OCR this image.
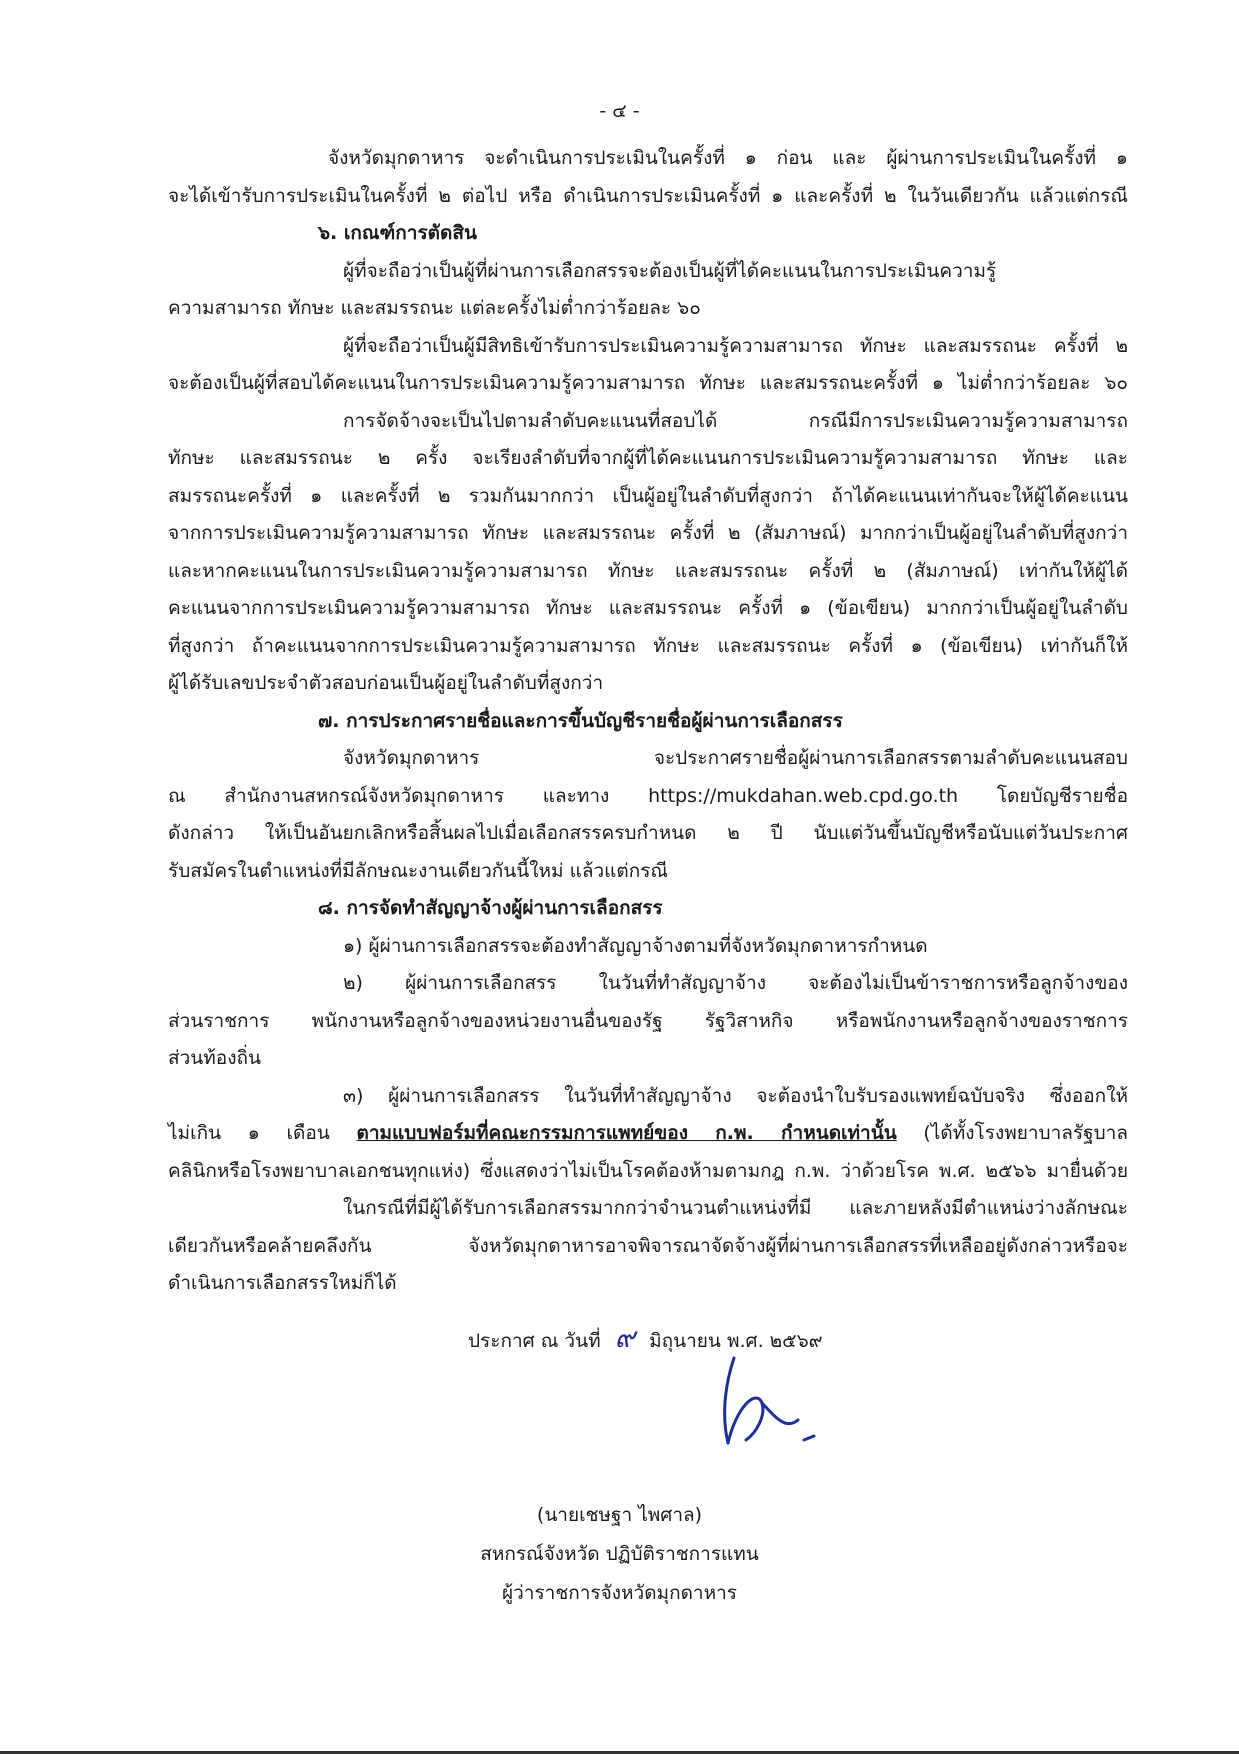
- ๔ -
จังหวัดมุกดาหาร จะดำเนินการประเมินในครั้งที่ ๑ ก่อน และ ผู้ผ่านการประเมินในครั้งที่ ๑
จะได้เข้ารับการประเมินในครั้งที่ ๒ ต่อไป หรือ ดำเนินการประเมินครั้งที่ ๑ และครั้งที่ ๒ ในวันเดียวกัน แล้วแต่กรณี
๖. เกณฑ์การตัดสิน
ผู้ที่จะถือว่าเป็นผู้ที่ผ่านการเลือกสรรจะต้องเป็นผู้ที่ได้คะแนนในการประเมินความรู้
ความสามารถ ทักษะ และสมรรถนะ แต่ละครั้งไม่ต่ำกว่าร้อยละ ๖๐
ผู้ที่จะถือว่าเป็นผู้มีสิทธิเข้ารับการประเมินความรู้ความสามารถ ทักษะ และสมรรถนะ ครั้งที่ ๒
จะต้องเป็นผู้ที่สอบได้คะแนนในการประเมินความรู้ความสามารถ ทักษะ และสมรรถนะครั้งที่ ๑ ไม่ต่ำกว่าร้อยละ ๖๐
การจัดจ้างจะเป็นไปตามลำดับคะแนนที่สอบได้ กรณีมีการประเมินความรู้ความสามารถ
ทักษะ และสมรรถนะ ๒ ครั้ง จะเรียงลำดับที่จากผู้ที่ได้คะแนนการประเมินความรู้ความสามารถ ทักษะ และ
สมรรถนะครั้งที่ ๑ และครั้งที่ ๒ รวมกันมากกว่า เป็นผู้อยู่ในลำดับที่สูงกว่า ถ้าได้คะแนนเท่ากันจะให้ผู้ได้คะแนน
จากการประเมินความรู้ความสามารถ ทักษะ และสมรรถนะ ครั้งที่ ๒ (สัมภาษณ์) มากกว่าเป็นผู้อยู่ในลำดับที่สูงกว่า
และหากคะแนนในการประเมินความรู้ความสามารถ ทักษะ และสมรรถนะ ครั้งที่ ๒ (สัมภาษณ์) เท่ากันให้ผู้ได้
คะแนนจากการประเมินความรู้ความสามารถ ทักษะ และสมรรถนะ ครั้งที่ ๑ (ข้อเขียน) มากกว่าเป็นผู้อยู่ในลำดับ
ที่สูงกว่า ถ้าคะแนนจากการประเมินความรู้ความสามารถ ทักษะ และสมรรถนะ ครั้งที่ ๑ (ข้อเขียน) เท่ากันก็ให้
ผู้ได้รับเลขประจำตัวสอบก่อนเป็นผู้อยู่ในลำดับที่สูงกว่า
๗. การประกาศรายชื่อและการขึ้นบัญชีรายชื่อผู้ผ่านการเลือกสรร
จังหวัดมุกดาหาร จะประกาศรายชื่อผู้ผ่านการเลือกสรรตามลำดับคะแนนสอบ
ณ สำนักงานสหกรณ์จังหวัดมุกดาหาร และทาง https://mukdahan.web.cpd.go.th โดยบัญชีรายชื่อ
ดังกล่าว ให้เป็นอันยกเลิกหรือสิ้นผลไปเมื่อเลือกสรรครบกำหนด ๒ ปี นับแต่วันขึ้นบัญชีหรือนับแต่วันประกาศ
รับสมัครในตำแหน่งที่มีลักษณะงานเดียวกันนี้ใหม่ แล้วแต่กรณี
๘. การจัดทำสัญญาจ้างผู้ผ่านการเลือกสรร
๑) ผู้ผ่านการเลือกสรรจะต้องทำสัญญาจ้างตามที่จังหวัดมุกดาหารกำหนด
๒) ผู้ผ่านการเลือกสรร ในวันที่ทำสัญญาจ้าง จะต้องไม่เป็นข้าราชการหรือลูกจ้างของ
ส่วนราชการ พนักงานหรือลูกจ้างของหน่วยงานอื่นของรัฐ รัฐวิสาหกิจ หรือพนักงานหรือลูกจ้างของราชการ
ส่วนท้องถิ่น
๓) ผู้ผ่านการเลือกสรร ในวันที่ทำสัญญาจ้าง จะต้องนำใบรับรองแพทย์ฉบับจริง ซึ่งออกให้
ไม่เกิน ๑ เดือน ตามแบบฟอร์มที่คณะกรรมการแพทย์ของ ก.พ. กำหนดเท่านั้น (ได้ทั้งโรงพยาบาลรัฐบาล
คลินิกหรือโรงพยาบาลเอกชนทุกแห่ง) ซึ่งแสดงว่าไม่เป็นโรคต้องห้ามตามกฎ ก.พ. ว่าด้วยโรค พ.ศ. ๒๕๖๖ มายื่นด้วย
ในกรณีที่มีผู้ได้รับการเลือกสรรมากกว่าจำนวนตำแหน่งที่มี และภายหลังมีตำแหน่งว่างลักษณะ
เดียวกันหรือคล้ายคลึงกัน จังหวัดมุกดาหารอาจพิจารณาจัดจ้างผู้ที่ผ่านการเลือกสรรที่เหลืออยู่ดังกล่าวหรือจะ
ดำเนินการเลือกสรรใหม่ก็ได้
ประกาศ ณ วันที่ ๙ มิถุนายน พ.ศ. ๒๕๖๙
(นายเชษฐา ไพศาล)
สหกรณ์จังหวัด ปฏิบัติราชการแทน
ผู้ว่าราชการจังหวัดมุกดาหาร
